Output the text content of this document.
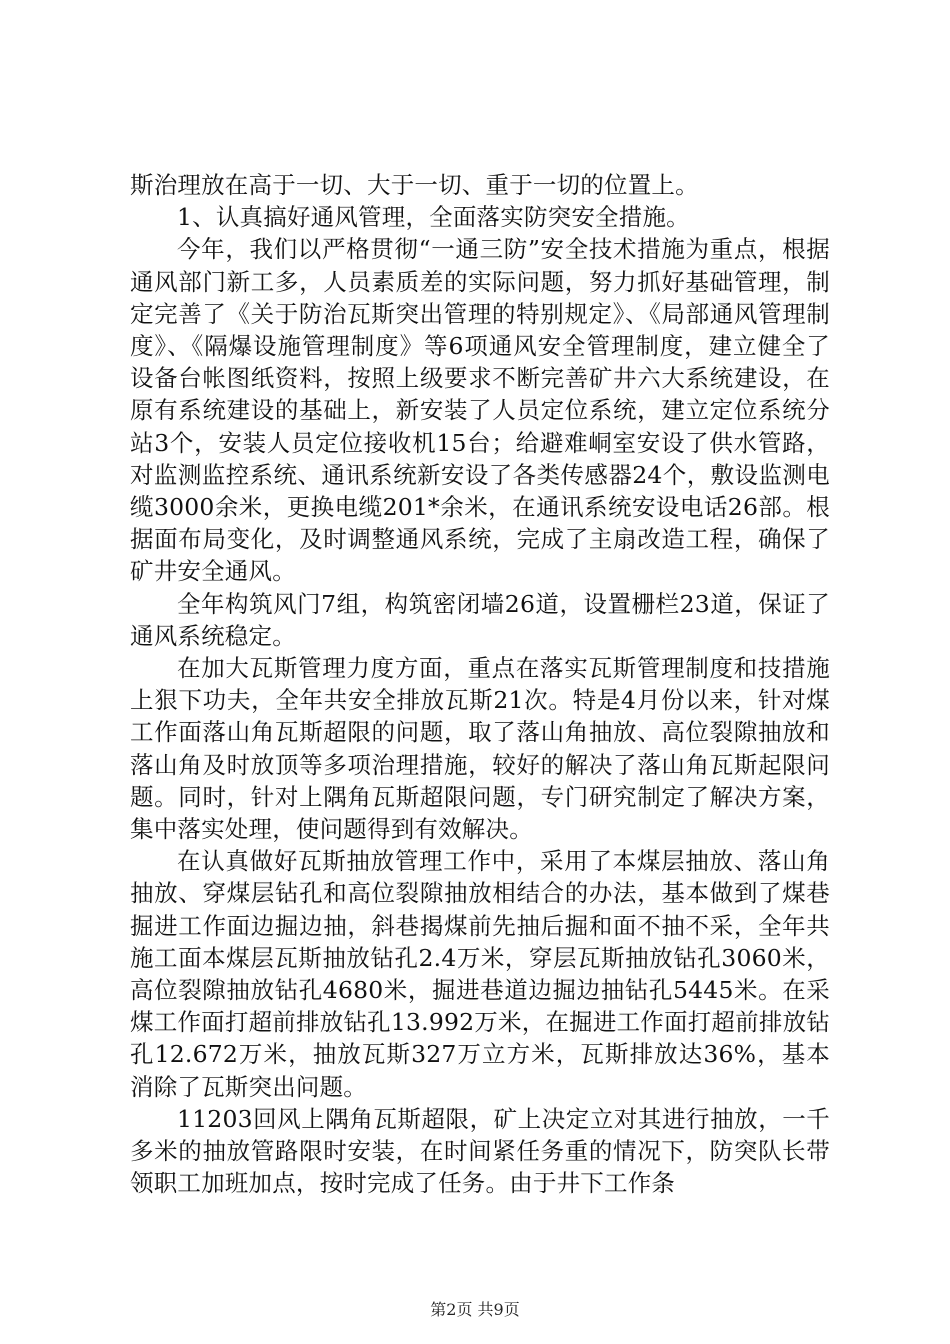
斯治理放在高于一切、大于一切、重于一切的位置上。

1、认真搞好通风管理，全面落实防突安全措施。

今年，我们以严格贯彻“一通三防”安全技术措施为重点，根据通风部门新工多，人员素质差的实际问题，努力抓好基础管理，制定完善了《关于防治瓦斯突出管理的特别规定》、《局部通风管理制度》、《隔爆设施管理制度》等6项通风安全管理制度，建立健全了设备台帐图纸资料，按照上级要求不断完善矿井六大系统建设，在原有系统建设的基础上，新安装了人员定位系统，建立定位系统分站3个，安装人员定位接收机15台；给避难峒室安设了供水管路，对监测监控系统、通讯系统新安设了各类传感器24个，敷设监测电缆3000余米，更换电缆201*余米，在通讯系统安设电话26部。根据面布局变化，及时调整通风系统，完成了主扇改造工程，确保了矿井安全通风。

全年构筑风门7组，构筑密闭墙26道，设置栅栏23道，保证了通风系统稳定。

在加大瓦斯管理力度方面，重点在落实瓦斯管理制度和技措施上狠下功夫，全年共安全排放瓦斯21次。特是4月份以来，针对煤工作面落山角瓦斯超限的问题，取了落山角抽放、高位裂隙抽放和落山角及时放顶等多项治理措施，较好的解决了落山角瓦斯起限问题。同时，针对上隅角瓦斯超限问题，专门研究制定了解决方案，集中落实处理，使问题得到有效解决。

在认真做好瓦斯抽放管理工作中，采用了本煤层抽放、落山角抽放、穿煤层钻孔和高位裂隙抽放相结合的办法，基本做到了煤巷掘进工作面边掘边抽，斜巷揭煤前先抽后掘和面不抽不采，全年共施工面本煤层瓦斯抽放钻孔2.4万米，穿层瓦斯抽放钻孔3060米，高位裂隙抽放钻孔4680米，掘进巷道边掘边抽钻孔5445米。在采煤工作面打超前排放钻孔13.992万米，在掘进工作面打超前排放钻孔12.672万米，抽放瓦斯327万立方米，瓦斯排放达36%，基本消除了瓦斯突出问题。

11203回风上隅角瓦斯超限，矿上决定立对其进行抽放，一千多米的抽放管路限时安装，在时间紧任务重的情况下，防突队长带领职工加班加点，按时完成了任务。由于井下工作条

第2页 共9页
